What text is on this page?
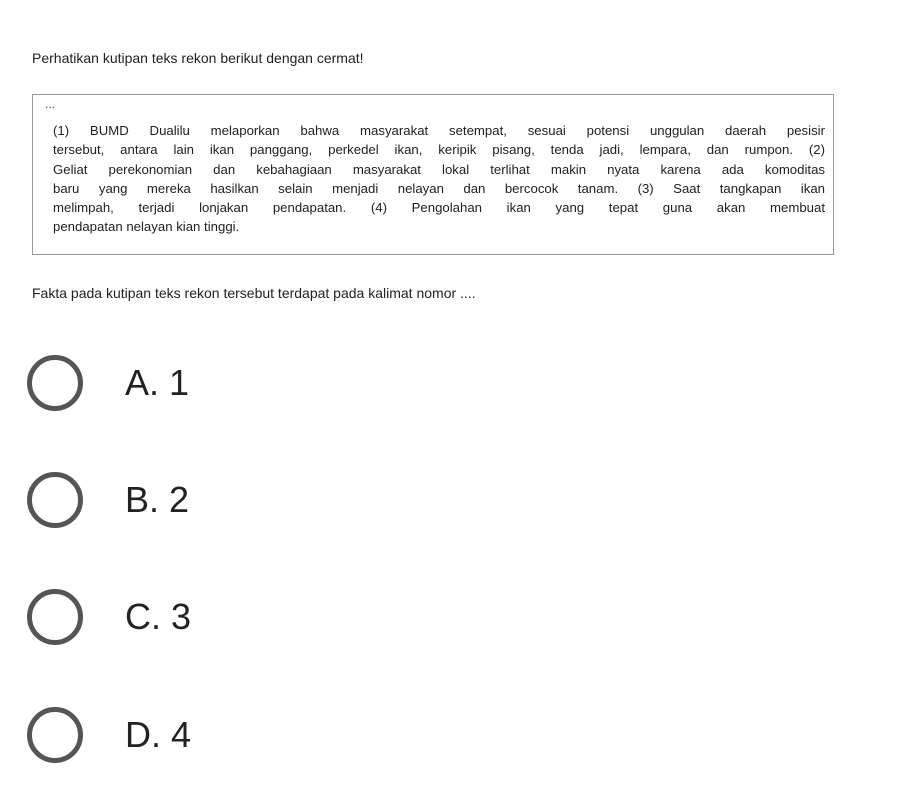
Perhatikan kutipan teks rekon berikut dengan cermat!
...
(1) BUMD Dualilu melaporkan bahwa masyarakat setempat, sesuai potensi unggulan daerah pesisir
tersebut, antara lain ikan panggang, perkedel ikan, keripik pisang, tenda jadi, lempara, dan rumpon. (2)
Geliat perekonomian dan kebahagiaan masyarakat lokal terlihat makin nyata karena ada komoditas
baru yang mereka hasilkan selain menjadi nelayan dan bercocok tanam. (3) Saat tangkapan ikan
melimpah, terjadi lonjakan pendapatan. (4) Pengolahan ikan yang tepat guna akan membuat
pendapatan nelayan kian tinggi.
Fakta pada kutipan teks rekon tersebut terdapat pada kalimat nomor ....
A. 1
B. 2
C. 3
D. 4
